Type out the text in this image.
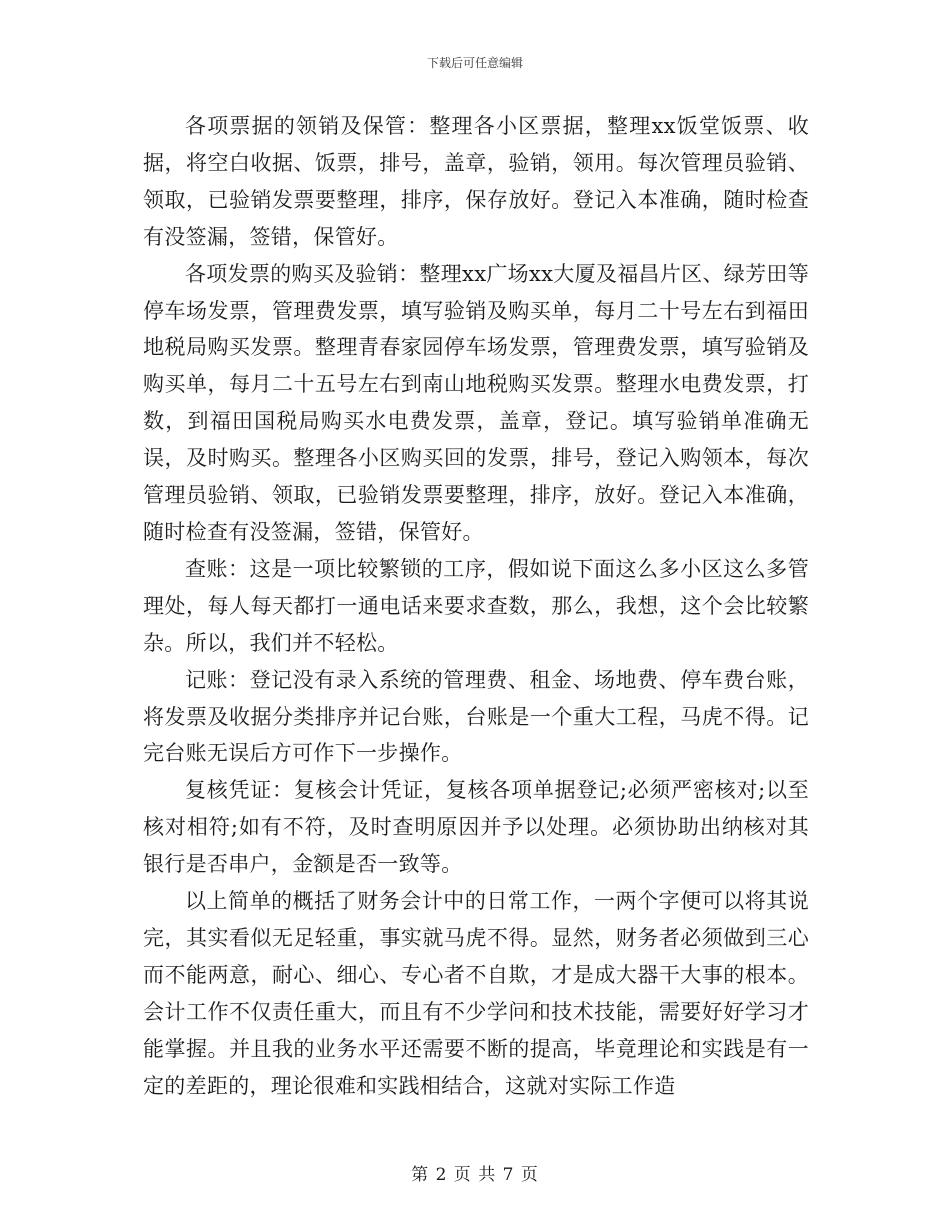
下载后可任意编辑

各项票据的领销及保管：整理各小区票据，整理xx饭堂饭票、收据，将空白收据、饭票，排号，盖章，验销，领用。每次管理员验销、领取，已验销发票要整理，排序，保存放好。登记入本准确，随时检查有没签漏，签错，保管好。

各项发票的购买及验销：整理xx广场xx大厦及福昌片区、绿芳田等停车场发票，管理费发票，填写验销及购买单，每月二十号左右到福田地税局购买发票。整理青春家园停车场发票，管理费发票，填写验销及购买单，每月二十五号左右到南山地税购买发票。整理水电费发票，打数，到福田国税局购买水电费发票，盖章，登记。填写验销单准确无误，及时购买。整理各小区购买回的发票，排号，登记入购领本，每次管理员验销、领取，已验销发票要整理，排序，放好。登记入本准确，随时检查有没签漏，签错，保管好。

查账：这是一项比较繁锁的工序，假如说下面这么多小区这么多管理处，每人每天都打一通电话来要求查数，那么，我想，这个会比较繁杂。所以，我们并不轻松。

记账：登记没有录入系统的管理费、租金、场地费、停车费台账，将发票及收据分类排序并记台账，台账是一个重大工程，马虎不得。记完台账无误后方可作下一步操作。

复核凭证：复核会计凭证，复核各项单据登记;必须严密核对;以至核对相符;如有不符，及时查明原因并予以处理。必须协助出纳核对其银行是否串户，金额是否一致等。

以上简单的概括了财务会计中的日常工作，一两个字便可以将其说完，其实看似无足轻重，事实就马虎不得。显然，财务者必须做到三心而不能两意，耐心、细心、专心者不自欺，才是成大器干大事的根本。会计工作不仅责任重大，而且有不少学问和技术技能，需要好好学习才能掌握。并且我的业务水平还需要不断的提高，毕竟理论和实践是有一定的差距的，理论很难和实践相结合，这就对实际工作造

第 2 页 共 7 页
